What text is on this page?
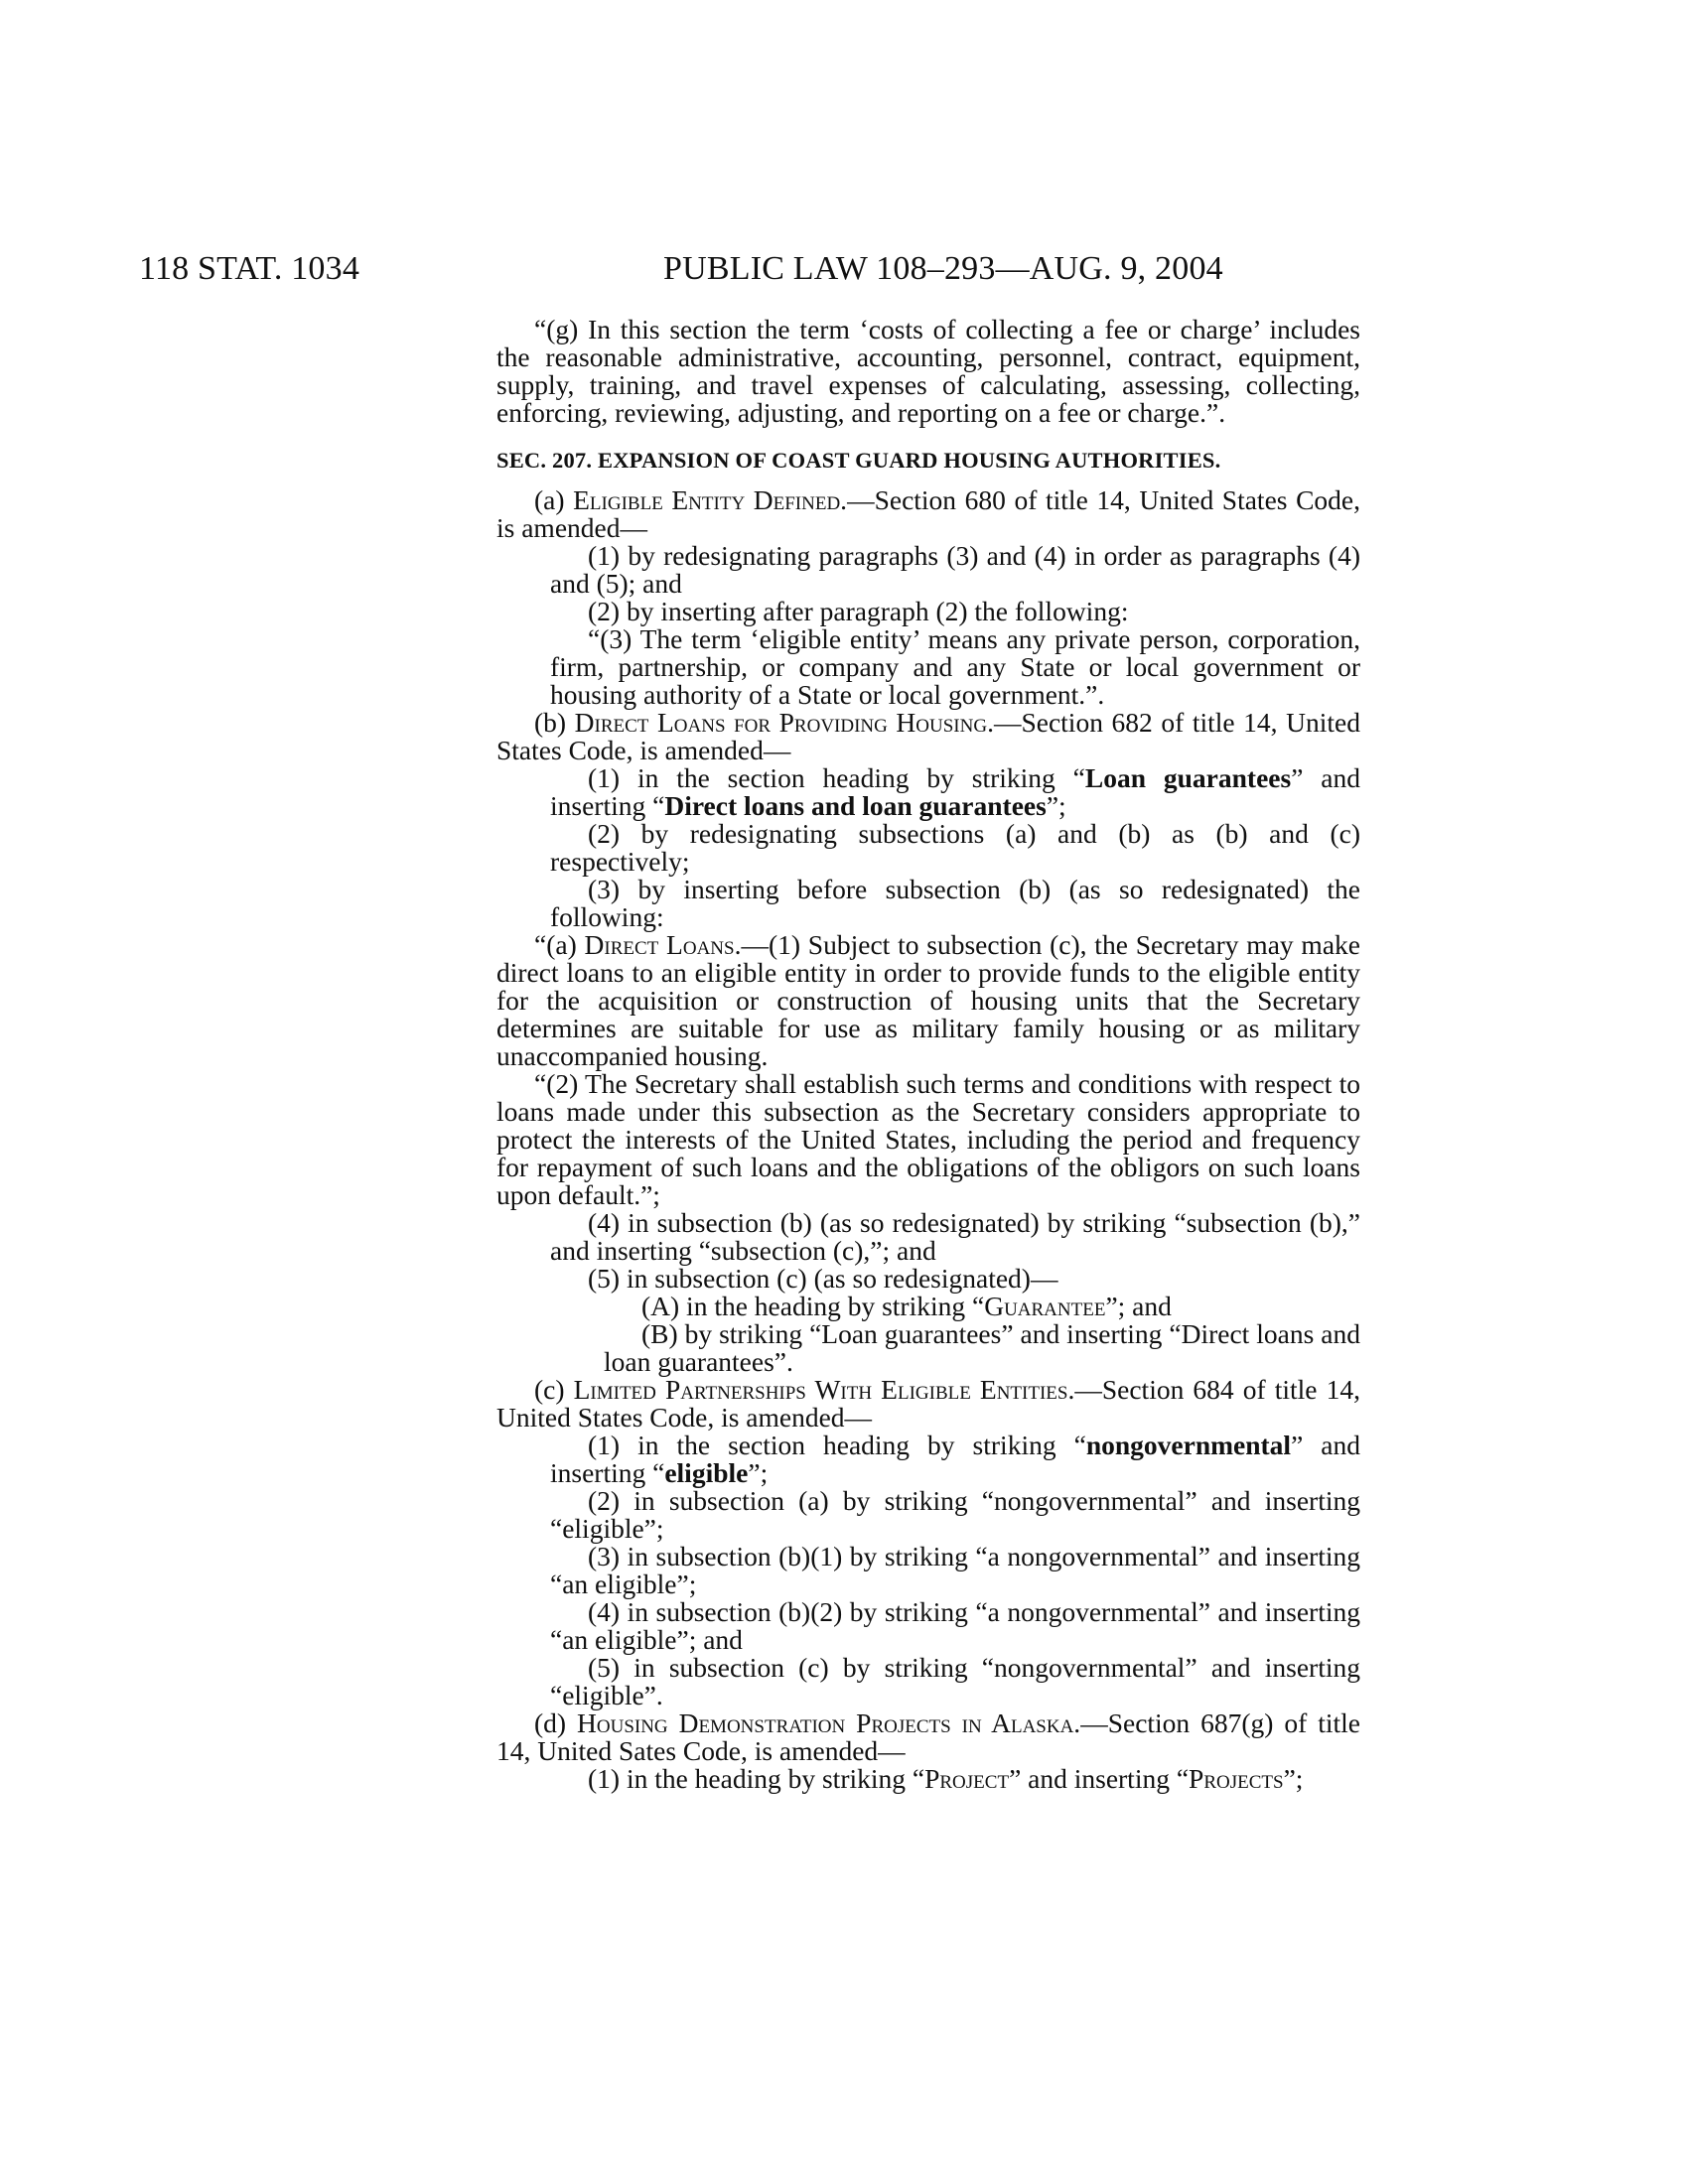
118 STAT. 1034	PUBLIC LAW 108–293—AUG. 9, 2004

“(g) In this section the term ‘costs of collecting a fee or charge’ includes the reasonable administrative, accounting, personnel, contract, equipment, supply, training, and travel expenses of calculating, assessing, collecting, enforcing, reviewing, adjusting, and reporting on a fee or charge.”.

SEC. 207. EXPANSION OF COAST GUARD HOUSING AUTHORITIES.

(a) Eligible Entity Defined.—Section 680 of title 14, United States Code, is amended—

(1) by redesignating paragraphs (3) and (4) in order as paragraphs (4) and (5); and

(2) by inserting after paragraph (2) the following:

“(3) The term ‘eligible entity’ means any private person, corporation, firm, partnership, or company and any State or local government or housing authority of a State or local government.”.

(b) Direct Loans for Providing Housing.—Section 682 of title 14, United States Code, is amended—

(1) in the section heading by striking “Loan guarantees” and inserting “Direct loans and loan guarantees”;

(2) by redesignating subsections (a) and (b) as (b) and (c) respectively;

(3) by inserting before subsection (b) (as so redesignated) the following:

“(a) Direct Loans.—(1) Subject to subsection (c), the Secretary may make direct loans to an eligible entity in order to provide funds to the eligible entity for the acquisition or construction of housing units that the Secretary determines are suitable for use as military family housing or as military unaccompanied housing.

“(2) The Secretary shall establish such terms and conditions with respect to loans made under this subsection as the Secretary considers appropriate to protect the interests of the United States, including the period and frequency for repayment of such loans and the obligations of the obligors on such loans upon default.”;

(4) in subsection (b) (as so redesignated) by striking “subsection (b),” and inserting “subsection (c),”; and

(5) in subsection (c) (as so redesignated)—

(A) in the heading by striking “Guarantee”; and

(B) by striking “Loan guarantees” and inserting “Direct loans and loan guarantees”.

(c) Limited Partnerships With Eligible Entities.—Section 684 of title 14, United States Code, is amended—

(1) in the section heading by striking “nongovernmental” and inserting “eligible”;

(2) in subsection (a) by striking “nongovernmental” and inserting “eligible”;

(3) in subsection (b)(1) by striking “a nongovernmental” and inserting “an eligible”;

(4) in subsection (b)(2) by striking “a nongovernmental” and inserting “an eligible”; and

(5) in subsection (c) by striking “nongovernmental” and inserting “eligible”.

(d) Housing Demonstration Projects in Alaska.—Section 687(g) of title 14, United Sates Code, is amended—

(1) in the heading by striking “Project” and inserting “Projects”;
